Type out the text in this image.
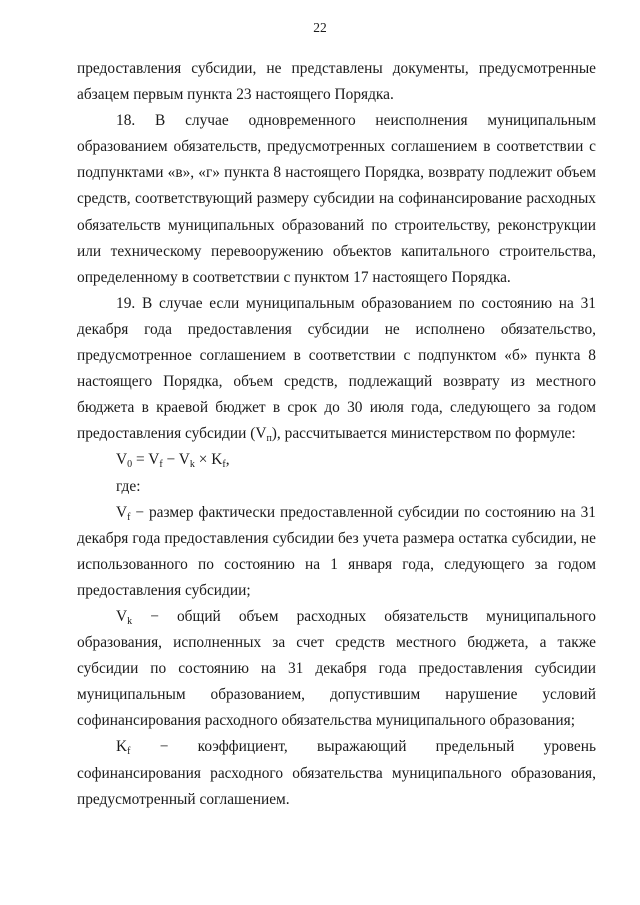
22

предоставления субсидии, не представлены документы, предусмотренные абзацем первым пункта 23 настоящего Порядка.

18. В случае одновременного неисполнения муниципальным образованием обязательств, предусмотренных соглашением в соответствии с подпунктами «в», «г» пункта 8 настоящего Порядка, возврату подлежит объем средств, соответствующий размеру субсидии на софинансирование расходных обязательств муниципальных образований по строительству, реконструкции или техническому перевооружению объектов капитального строительства, определенному в соответствии с пунктом 17 настоящего Порядка.

19. В случае если муниципальным образованием по состоянию на 31 декабря года предоставления субсидии не исполнено обязательство, предусмотренное соглашением в соответствии с подпунктом «б» пункта 8 настоящего Порядка, объем средств, подлежащий возврату из местного бюджета в краевой бюджет в срок до 30 июля года, следующего за годом предоставления субсидии $(V_п)$, рассчитывается министерством по формуле:

$V_0 = V_f - V_k \times K_f$,

где:

$V_f$ − размер фактически предоставленной субсидии по состоянию на 31 декабря года предоставления субсидии без учета размера остатка субсидии, не использованного по состоянию на 1 января года, следующего за годом предоставления субсидии;

$V_k$ − общий объем расходных обязательств муниципального образования, исполненных за счет средств местного бюджета, а также субсидии по состоянию на 31 декабря года предоставления субсидии муниципальным образованием, допустившим нарушение условий софинансирования расходного обязательства муниципального образования;

$K_f$ − коэффициент, выражающий предельный уровень софинансирования расходного обязательства муниципального образования, предусмотренный соглашением.
